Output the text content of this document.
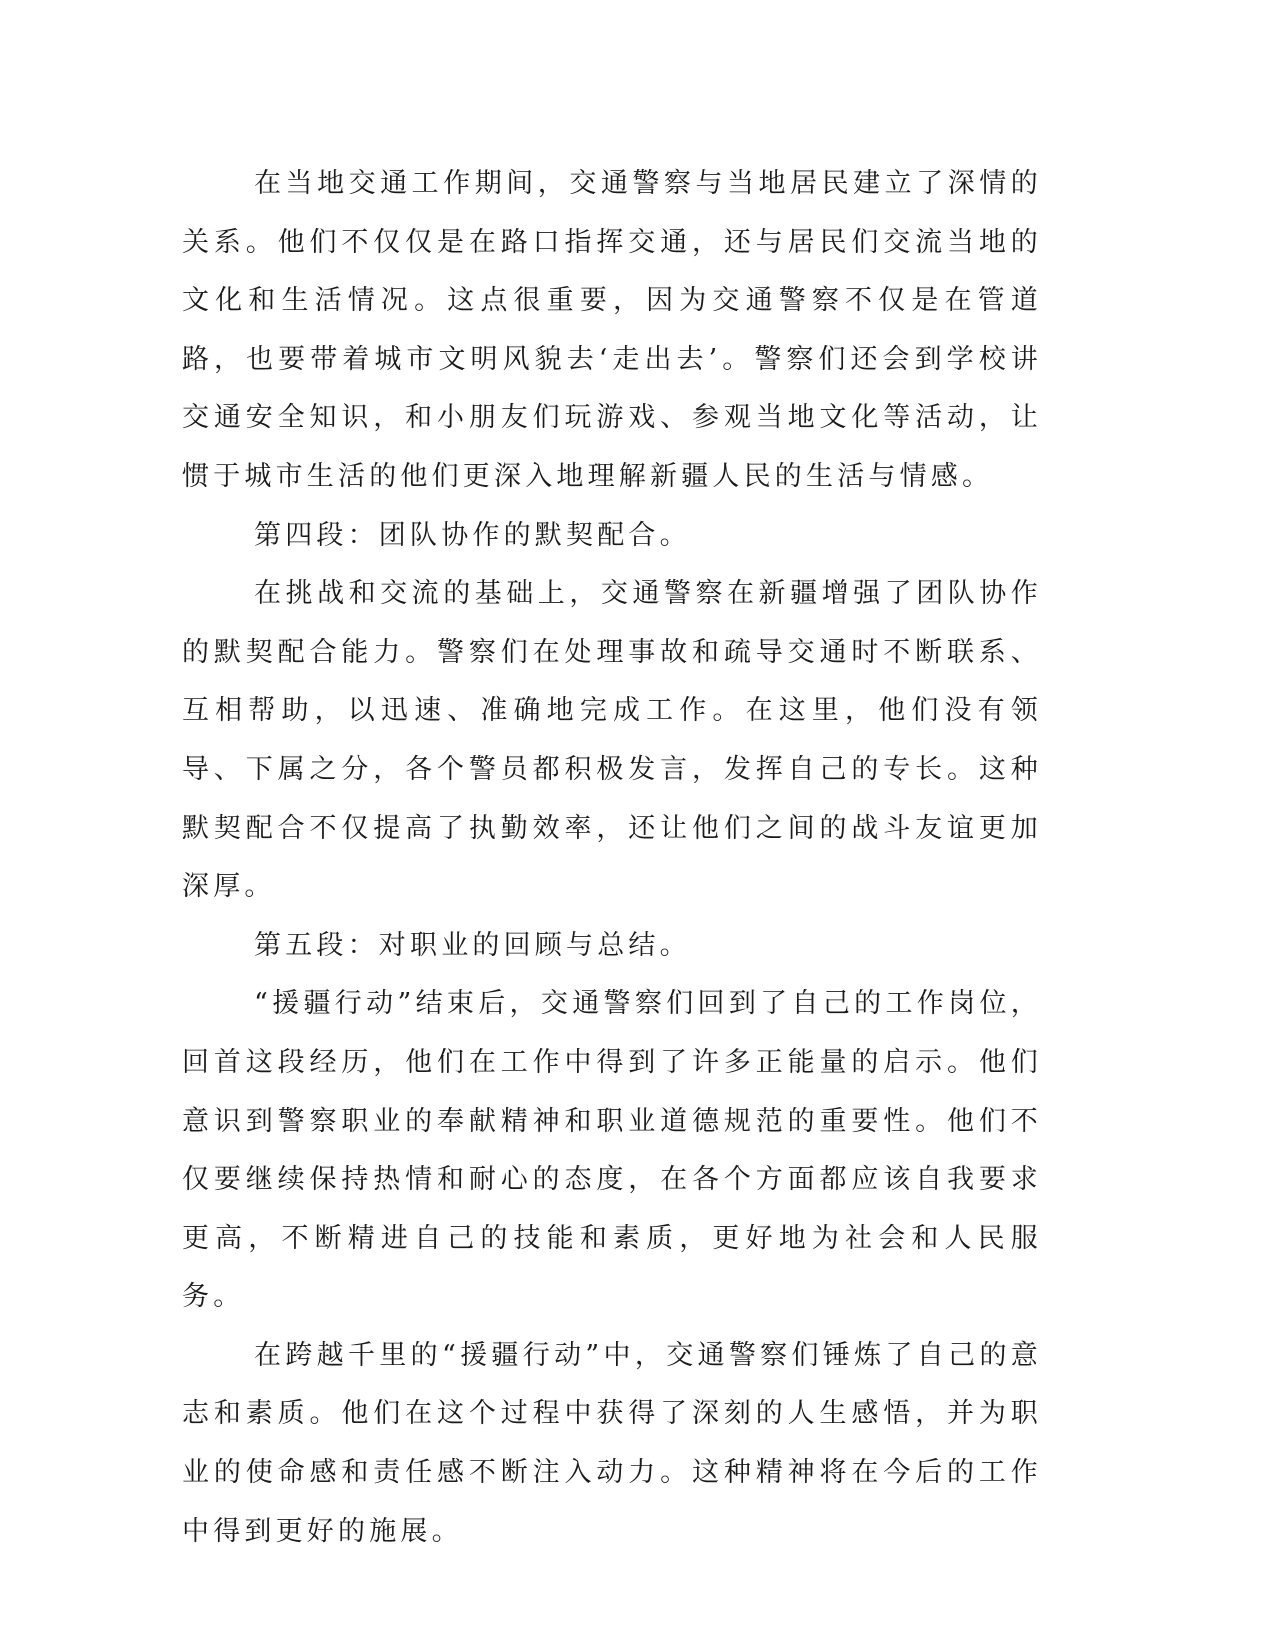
在当地交通工作期间，交通警察与当地居民建立了深情的关系。他们不仅仅是在路口指挥交通，还与居民们交流当地的文化和生活情况。这点很重要，因为交通警察不仅是在管道路，也要带着城市文明风貌去‘走出去’。警察们还会到学校讲交通安全知识，和小朋友们玩游戏、参观当地文化等活动，让惯于城市生活的他们更深入地理解新疆人民的生活与情感。

第四段：团队协作的默契配合。

在挑战和交流的基础上，交通警察在新疆增强了团队协作的默契配合能力。警察们在处理事故和疏导交通时不断联系、互相帮助，以迅速、准确地完成工作。在这里，他们没有领导、下属之分，各个警员都积极发言，发挥自己的专长。这种默契配合不仅提高了执勤效率，还让他们之间的战斗友谊更加深厚。

第五段：对职业的回顾与总结。

“援疆行动”结束后，交通警察们回到了自己的工作岗位，回首这段经历，他们在工作中得到了许多正能量的启示。他们意识到警察职业的奉献精神和职业道德规范的重要性。他们不仅要继续保持热情和耐心的态度，在各个方面都应该自我要求更高，不断精进自己的技能和素质，更好地为社会和人民服务。

在跨越千里的“援疆行动”中，交通警察们锤炼了自己的意志和素质。他们在这个过程中获得了深刻的人生感悟，并为职业的使命感和责任感不断注入动力。这种精神将在今后的工作中得到更好的施展。
